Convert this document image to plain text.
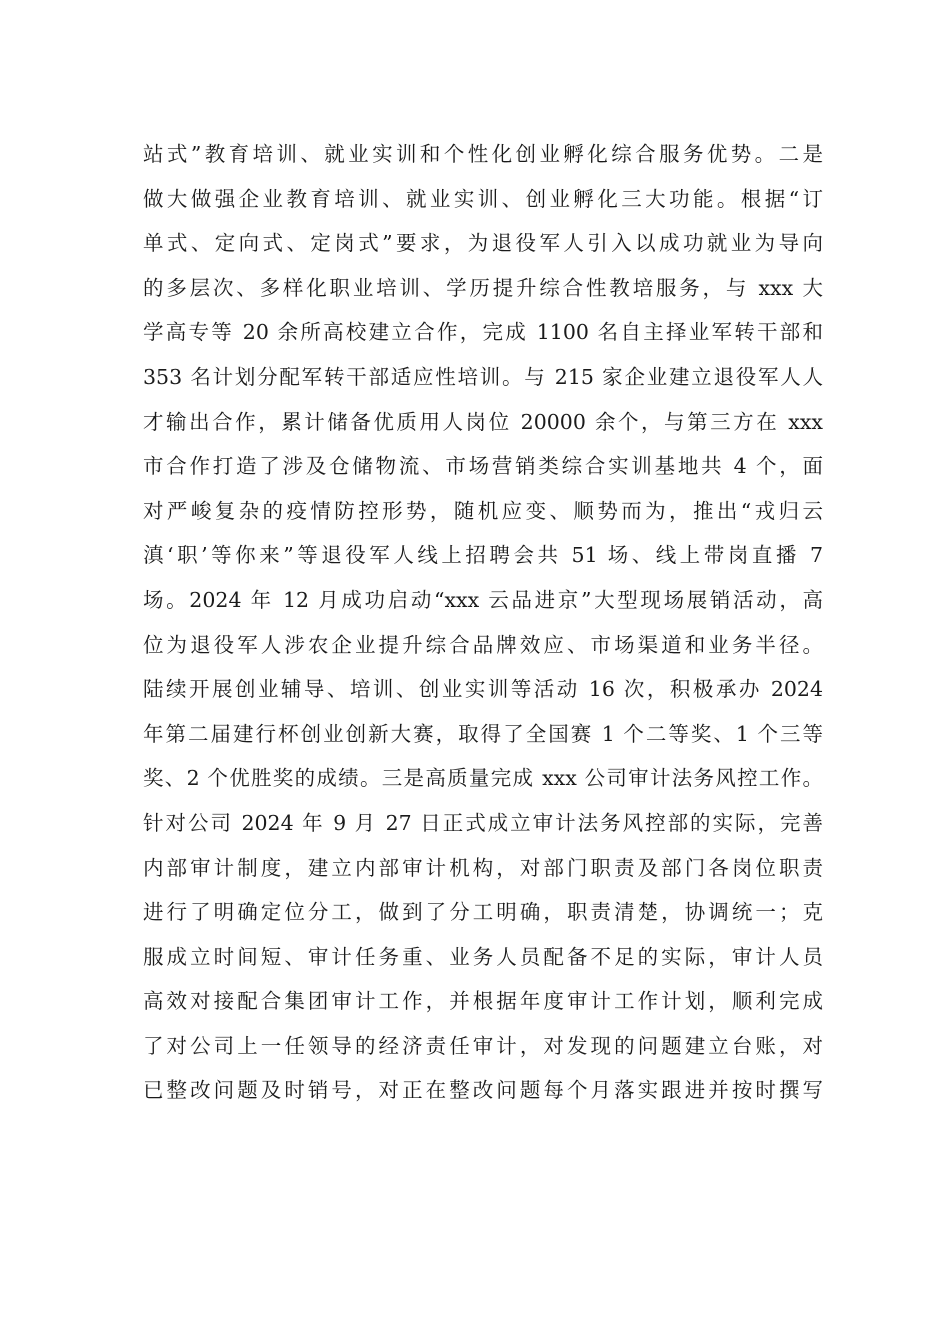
站式”教育培训、就业实训和个性化创业孵化综合服务优势。二是
做大做强企业教育培训、就业实训、创业孵化三大功能。根据“订
单式、定向式、定岗式”要求，为退役军人引入以成功就业为导向
的多层次、多样化职业培训、学历提升综合性教培服务，与 xxx 大
学高专等 20 余所高校建立合作，完成 1100 名自主择业军转干部和
353 名计划分配军转干部适应性培训。与 215 家企业建立退役军人人
才输出合作，累计储备优质用人岗位 20000 余个，与第三方在 xxx
市合作打造了涉及仓储物流、市场营销类综合实训基地共 4 个，面
对严峻复杂的疫情防控形势，随机应变、顺势而为，推出“戎归云
滇‘职’等你来”等退役军人线上招聘会共 51 场、线上带岗直播 7
场。2024 年 12 月成功启动“xxx 云品进京”大型现场展销活动，高
位为退役军人涉农企业提升综合品牌效应、市场渠道和业务半径。
陆续开展创业辅导、培训、创业实训等活动 16 次，积极承办 2024
年第二届建行杯创业创新大赛，取得了全国赛 1 个二等奖、1 个三等
奖、2 个优胜奖的成绩。三是高质量完成 xxx 公司审计法务风控工作。
针对公司 2024 年 9 月 27 日正式成立审计法务风控部的实际，完善
内部审计制度，建立内部审计机构，对部门职责及部门各岗位职责
进行了明确定位分工，做到了分工明确，职责清楚，协调统一；克
服成立时间短、审计任务重、业务人员配备不足的实际，审计人员
高效对接配合集团审计工作，并根据年度审计工作计划，顺利完成
了对公司上一任领导的经济责任审计，对发现的问题建立台账，对
已整改问题及时销号，对正在整改问题每个月落实跟进并按时撰写
